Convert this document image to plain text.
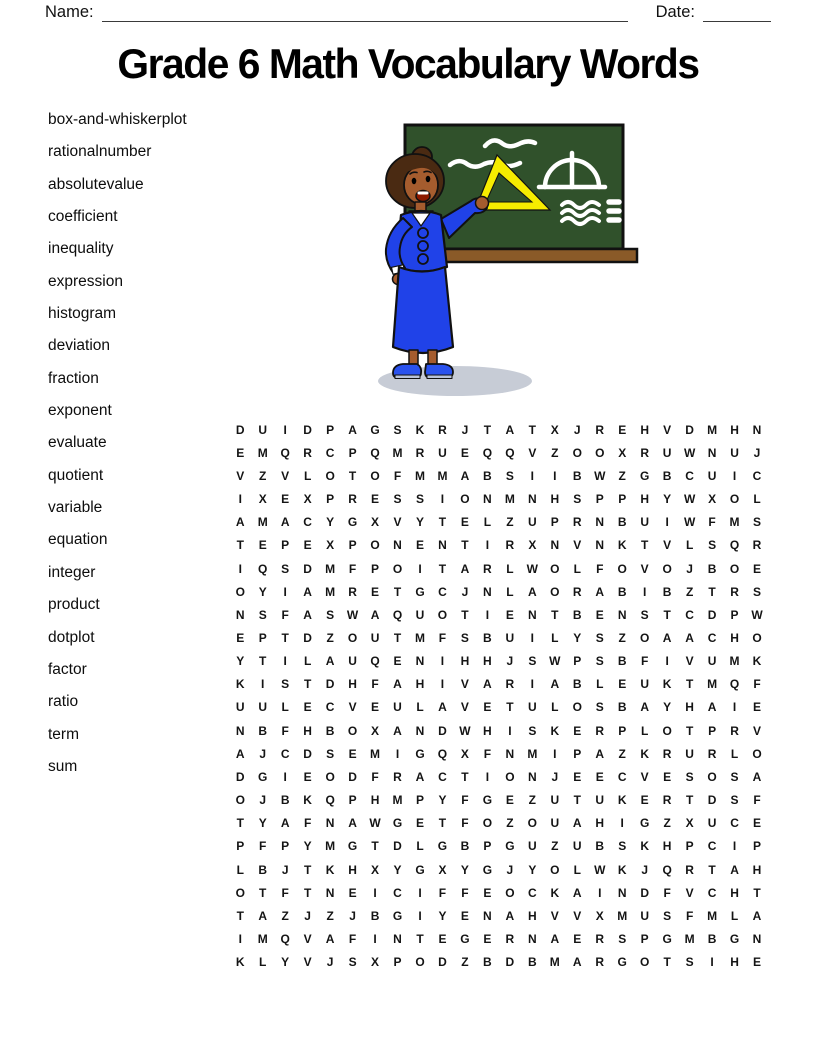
Name:	Date:
Grade 6 Math Vocabulary Words
box-and-whiskerplot
rationalnumber
absolutevalue
coefficient
inequality
expression
histogram
deviation
fraction
exponent
evaluate
quotient
variable
equation
integer
product
dotplot
factor
ratio
term
sum
D	U	I	D	P	A	G	S	K	R	J	T	A	T	X	J	R	E	H	V	D	M	H	N
E	M	Q	R	C	P	Q	M	R	U	E	Q	Q	V	Z	O	O	X	R	U	W	N	U	J
V	Z	V	L	O	T	O	F	M	M	A	B	S	I	I	B	W	Z	G	B	C	U	I	C
I	X	E	X	P	R	E	S	S	I	O	N	M	N	H	S	P	P	H	Y	W	X	O	L
A	M	A	C	Y	G	X	V	Y	T	E	L	Z	U	P	R	N	B	U	I	W	F	M	S
T	E	P	E	X	P	O	N	E	N	T	I	R	X	N	V	N	K	T	V	L	S	Q	R
I	Q	S	D	M	F	P	O	I	T	A	R	L	W	O	L	F	O	V	O	J	B	O	E
O	Y	I	A	M	R	E	T	G	C	J	N	L	A	O	R	A	B	I	B	Z	T	R	S
N	S	F	A	S	W	A	Q	U	O	T	I	E	N	T	B	E	N	S	T	C	D	P	W
E	P	T	D	Z	O	U	T	M	F	S	B	U	I	L	Y	S	Z	O	A	A	C	H	O
Y	T	I	L	A	U	Q	E	N	I	H	H	J	S	W	P	S	B	F	I	V	U	M	K
K	I	S	T	D	H	F	A	H	I	V	A	R	I	A	B	L	E	U	K	T	M	Q	F
U	U	L	E	C	V	E	U	L	A	V	E	T	U	L	O	S	B	A	Y	H	A	I	E
N	B	F	H	B	O	X	A	N	D	W	H	I	S	K	E	R	P	L	O	T	P	R	V
A	J	C	D	S	E	M	I	G	Q	X	F	N	M	I	P	A	Z	K	R	U	R	L	O
D	G	I	E	O	D	F	R	A	C	T	I	O	N	J	E	E	C	V	E	S	O	S	A
O	J	B	K	Q	P	H	M	P	Y	F	G	E	Z	U	T	U	K	E	R	T	D	S	F
T	Y	A	F	N	A	W	G	E	T	F	O	Z	O	U	A	H	I	G	Z	X	U	C	E
P	F	P	Y	M	G	T	D	L	G	B	P	G	U	Z	U	B	S	K	H	P	C	I	P
L	B	J	T	K	H	X	Y	G	X	Y	G	J	Y	O	L	W	K	J	Q	R	T	A	H
O	T	F	T	N	E	I	C	I	F	F	E	O	C	K	A	I	N	D	F	V	C	H	T
T	A	Z	J	Z	J	B	G	I	Y	E	N	A	H	V	V	X	M	U	S	F	M	L	A
I	M	Q	V	A	F	I	N	T	E	G	E	R	N	A	E	R	S	P	G	M	B	G	N
K	L	Y	V	J	S	X	P	O	D	Z	B	D	B	M	A	R	G	O	T	S	I	H	E
